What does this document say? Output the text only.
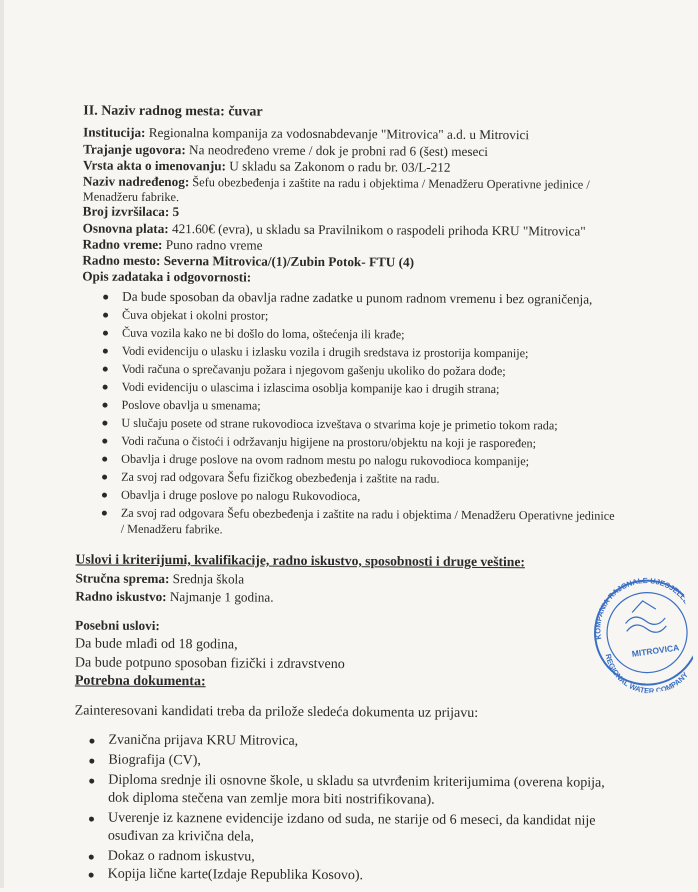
II. Naziv radnog mesta: čuvar
Institucija: Regionalna kompanija za vodosnabdevanje "Mitrovica" a.d. u Mitrovici
Trajanje ugovora: Na neodređeno vreme / dok je probni rad 6 (šest) meseci
Vrsta akta o imenovanju: U skladu sa Zakonom o radu br. 03/L-212
Naziv nadređenog: Šefu obezbeđenja i zaštite na radu i objektima / Menadžeru Operativne jedinice /
Menadžeru fabrike.
Broj izvršilaca: 5
Osnovna plata: 421.60€ (evra), u skladu sa Pravilnikom o raspodeli prihoda KRU "Mitrovica"
Radno vreme: Puno radno vreme
Radno mesto: Severna Mitrovica/(1)/Zubin Potok- FTU (4)
Opis zadataka i odgovornosti:
Da bude sposoban da obavlja radne zadatke u punom radnom vremenu i bez ograničenja,
Čuva objekat i okolni prostor;
Čuva vozila kako ne bi došlo do loma, oštećenja ili krađe;
Vodi evidenciju o ulasku i izlasku vozila i drugih sredstava iz prostorija kompanije;
Vodi računa o sprečavanju požara i njegovom gašenju ukoliko do požara dođe;
Vodi evidenciju o ulascima i izlascima osoblja kompanije kao i drugih strana;
Poslove obavlja u smenama;
U slučaju posete od strane rukovodioca izveštava o stvarima koje je primetio tokom rada;
Vodi računa o čistoći i održavanju higijene na prostoru/objektu na koji je raspoređen;
Obavlja i druge poslove na ovom radnom mestu po nalogu rukovodioca kompanije;
Za svoj rad odgovara Šefu fizičkog obezbeđenja i zaštite na radu.
Obavlja i druge poslove po nalogu Rukovodioca,
Za svoj rad odgovara Šefu obezbeđenja i zaštite na radu i objektima / Menadžeru Operativne jedinice
/ Menadžeru fabrike.
Uslovi i kriterijumi, kvalifikacije, radno iskustvo, sposobnosti i druge veštine:
Stručna sprema: Srednja škola
Radno iskustvo: Najmanje 1 godina.
Posebni uslovi:
Da bude mlađi od 18 godina,
Da bude potpuno sposoban fizički i zdravstveno
Potrebna dokumenta:
Zainteresovani kandidati treba da prilože sledeća dokumenta uz prijavu:
Zvanična prijava KRU Mitrovica,
Biografija (CV),
Diploma srednje ili osnovne škole, u skladu sa utvrđenim kriterijumima (overena kopija,
dok diploma stečena van zemlje mora biti nostrifikovana).
Uverenje iz kaznene evidencije izdano od suda, ne starije od 6 meseci, da kandidat nije
osuđivan za krivična dela,
Dokaz o radnom iskustvu,
Kopija lične karte(Izdaje Republika Kosovo).
KOMPANIA RAJONALE UJESJELLESIT
REGIONAL WATER COMPANY
MITROVICA
